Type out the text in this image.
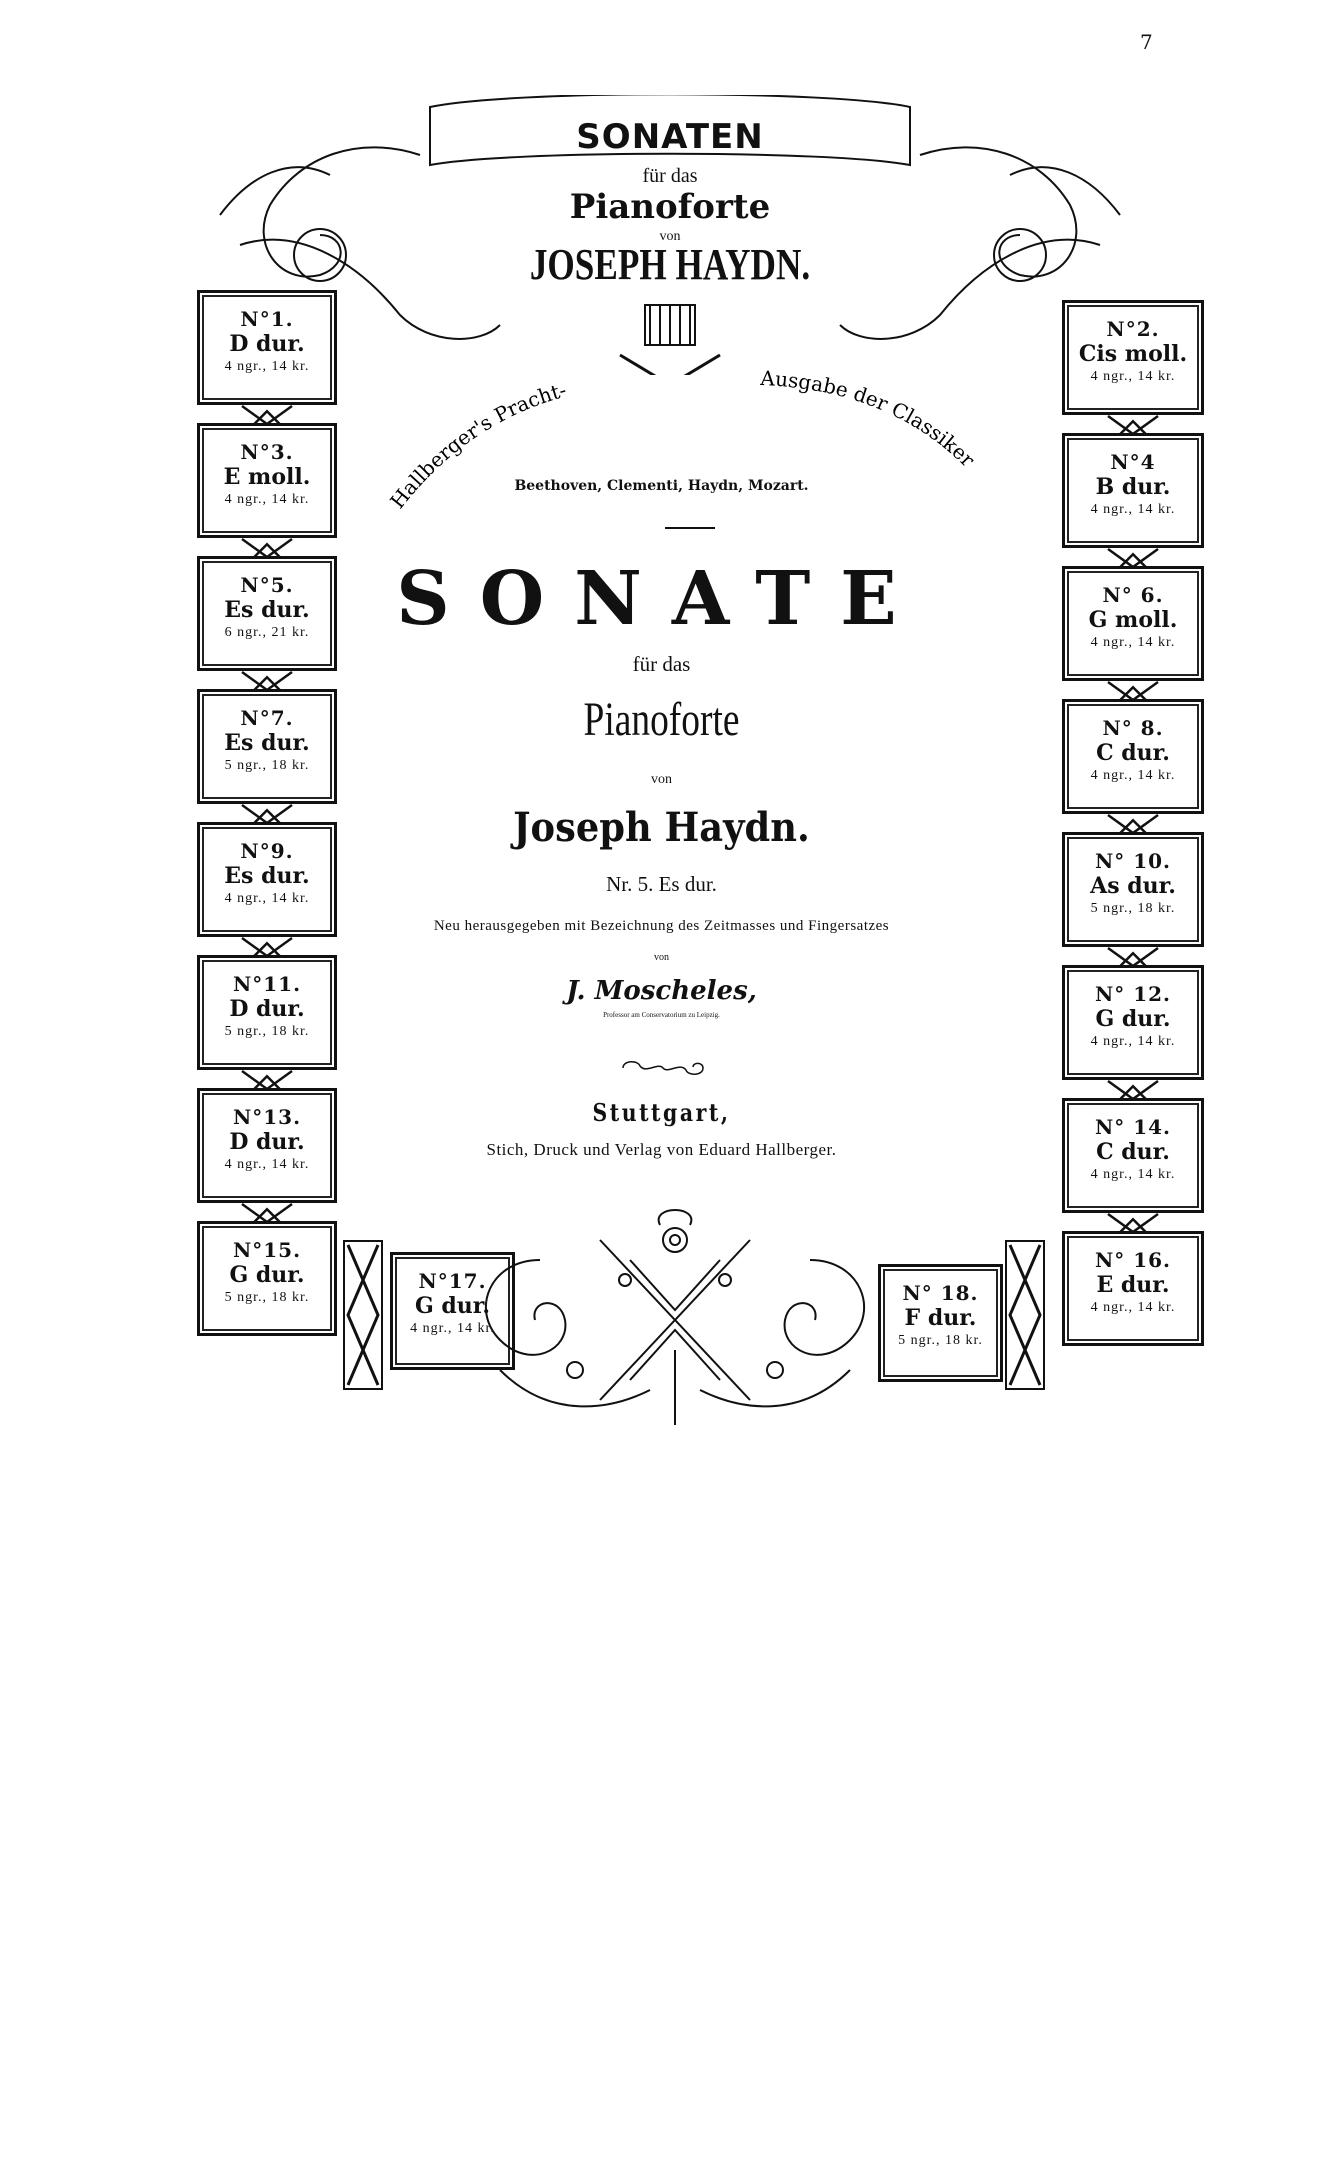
7
SONATEN
für das
Pianoforte
von
JOSEPH HAYDN.
Hallberger's Pracht-	Ausgabe der Classiker
Beethoven, Clementi, Haydn, Mozart.
SONATE
für das
Pianoforte
von
Joseph Haydn.
Nr. 5. Es dur.
Neu herausgegeben mit Bezeichnung des Zeitmasses und Fingersatzes
von
J. Moscheles,
Professor am Conservatorium zu Leipzig.
Stuttgart,
Stich, Druck und Verlag von Eduard Hallberger.
N°1.
D dur.
4 ngr., 14 kr.
N°3.
E moll.
4 ngr., 14 kr.
N°5.
Es dur.
6 ngr., 21 kr.
N°7.
Es dur.
5 ngr., 18 kr.
N°9.
Es dur.
4 ngr., 14 kr.
N°11.
D dur.
5 ngr., 18 kr.
N°13.
D dur.
4 ngr., 14 kr.
N°15.
G dur.
5 ngr., 18 kr.
N°2.
Cis moll.
4 ngr., 14 kr.
N°4
B dur.
4 ngr., 14 kr.
N° 6.
G moll.
4 ngr., 14 kr.
N° 8.
C dur.
4 ngr., 14 kr.
N° 10.
As dur.
5 ngr., 18 kr.
N° 12.
G dur.
4 ngr., 14 kr.
N° 14.
C dur.
4 ngr., 14 kr.
N° 16.
E dur.
4 ngr., 14 kr.
N°17.
G dur.
4 ngr., 14 kr.
N° 18.
F dur.
5 ngr., 18 kr.
